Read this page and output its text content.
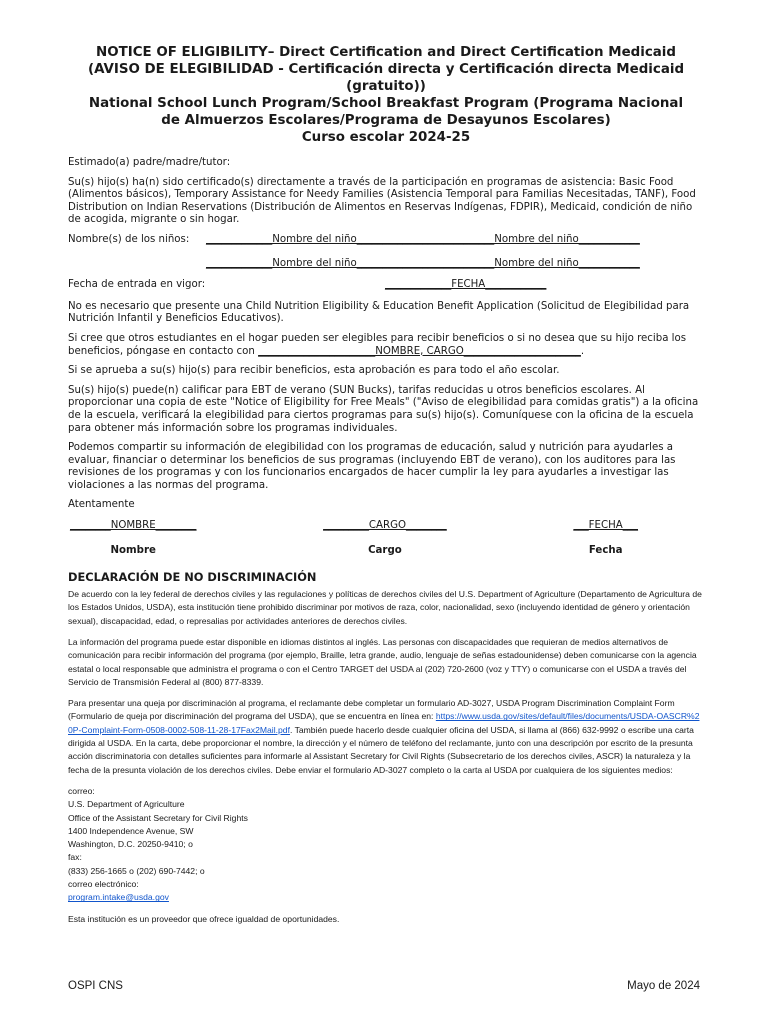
NOTICE OF ELIGIBILITY– Direct Certification and Direct Certification Medicaid
(AVISO DE ELEGIBILIDAD - Certificación directa y Certificación directa Medicaid
(gratuito))
National School Lunch Program/School Breakfast Program (Programa Nacional
de Almuerzos Escolares/Programa de Desayunos Escolares)
Curso escolar 2024-25

Estimado(a) padre/madre/tutor:

Su(s) hijo(s) ha(n) sido certificado(s) directamente a través de la participación en programas de asistencia: Basic Food (Alimentos básicos), Temporary Assistance for Needy Families (Asistencia Temporal para Familias Necesitadas, TANF), Food Distribution on Indian Reservations (Distribución de Alimentos en Reservas Indígenas, FDPIR), Medicaid, condición de niño de acogida, migrante o sin hogar.

Nombre(s) de los niños:	_____________Nombre del niño___________________________Nombre del niño____________
_____________Nombre del niño___________________________Nombre del niño____________
Fecha de entrada en vigor:	_____________FECHA____________

No es necesario que presente una Child Nutrition Eligibility & Education Benefit Application (Solicitud de Elegibilidad para Nutrición Infantil y Beneficios Educativos).

Si cree que otros estudiantes en el hogar pueden ser elegibles para recibir beneficios o si no desea que su hijo reciba los beneficios, póngase en contacto con _______________________NOMBRE, CARGO_______________________.

Si se aprueba a su(s) hijo(s) para recibir beneficios, esta aprobación es para todo el año escolar.

Su(s) hijo(s) puede(n) calificar para EBT de verano (SUN Bucks), tarifas reducidas u otros beneficios escolares. Al proporcionar una copia de este "Notice of Eligibility for Free Meals" ("Aviso de elegibilidad para comidas gratis") a la oficina de la escuela, verificará la elegibilidad para ciertos programas para su(s) hijo(s). Comuníquese con la oficina de la escuela para obtener más información sobre los programas individuales.

Podemos compartir su información de elegibilidad con los programas de educación, salud y nutrición para ayudarles a evaluar, financiar o determinar los beneficios de sus programas (incluyendo EBT de verano), con los auditores para las revisiones de los programas y con los funcionarios encargados de hacer cumplir la ley para ayudarles a investigar las violaciones a las normas del programa.

Atentamente

________NOMBRE________
Nombre
_________CARGO________
Cargo
___FECHA___
Fecha
DECLARACIÓN DE NO DISCRIMINACIÓN

De acuerdo con la ley federal de derechos civiles y las regulaciones y políticas de derechos civiles del U.S. Department of Agriculture (Departamento de Agricultura de los Estados Unidos, USDA), esta institución tiene prohibido discriminar por motivos de raza, color, nacionalidad, sexo (incluyendo identidad de género y orientación sexual), discapacidad, edad, o represalias por actividades anteriores de derechos civiles.

La información del programa puede estar disponible en idiomas distintos al inglés. Las personas con discapacidades que requieran de medios alternativos de comunicación para recibir información del programa (por ejemplo, Braille, letra grande, audio, lenguaje de señas estadounidense) deben comunicarse con la agencia estatal o local responsable que administra el programa o con el Centro TARGET del USDA al (202) 720-2600 (voz y TTY) o comunicarse con el USDA a través del Servicio de Transmisión Federal al (800) 877-8339.

Para presentar una queja por discriminación al programa, el reclamante debe completar un formulario AD-3027, USDA Program Discrimination Complaint Form (Formulario de queja por discriminación del programa del USDA), que se encuentra en línea en: https://www.usda.gov/sites/default/files/documents/USDA-OASCR%20P-Complaint-Form-0508-0002-508-11-28-17Fax2Mail.pdf. También puede hacerlo desde cualquier oficina del USDA, si llama al (866) 632-9992 o escribe una carta dirigida al USDA. En la carta, debe proporcionar el nombre, la dirección y el número de teléfono del reclamante, junto con una descripción por escrito de la presunta acción discriminatoria con detalles suficientes para informarle al Assistant Secretary for Civil Rights (Subsecretario de los derechos civiles, ASCR) la naturaleza y la fecha de la presunta violación de los derechos civiles. Debe enviar el formulario AD-3027 completo o la carta al USDA por cualquiera de los siguientes medios:

correo:
U.S. Department of Agriculture
Office of the Assistant Secretary for Civil Rights
1400 Independence Avenue, SW
Washington, D.C. 20250-9410; o
fax:
(833) 256-1665 o (202) 690-7442; o
correo electrónico:
program.intake@usda.gov

Esta institución es un proveedor que ofrece igualdad de oportunidades.

OSPI CNS	Mayo de 2024
